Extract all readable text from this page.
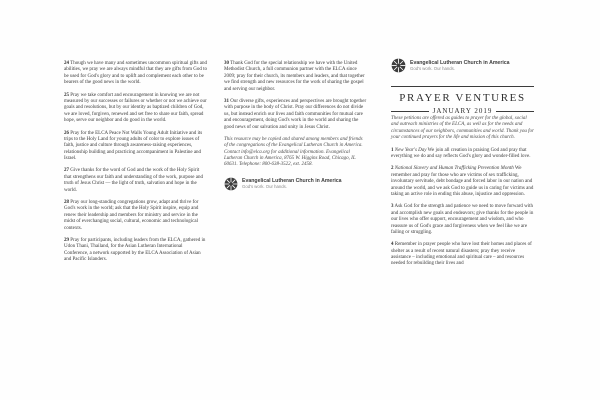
24 Though we have many and sometimes uncommon spiritual gifts and abilities, we pray we are always mindful that they are gifts from God to be used for God's glory and to uplift and complement each other to be bearers of the good news in the world.

25 Pray we take comfort and encouragement in knowing we are not measured by our successes or failures or whether or not we achieve our goals and resolutions, but by our identity as baptized children of God, we are loved, forgiven, renewed and set free to share our faith, spread hope, serve our neighbor and do good in the world.

26 Pray for the ELCA Peace Not Walls Young Adult Initiative and its trips to the Holy Land for young adults of color to explore issues of faith, justice and culture through awareness-raising experiences, relationship building and practicing accompaniment in Palestine and Israel.

27 Give thanks for the word of God and the work of the Holy Spirit that strengthens our faith and understanding of the work, purpose and truth of Jesus Christ — the light of truth, salvation and hope in the world.

28 Pray our long-standing congregations grow, adapt and thrive for God's work in the world; ask that the Holy Spirit inspire, equip and renew their leadership and members for ministry and service in the midst of everchanging social, cultural, economic and technological contexts.

29 Pray for participants, including leaders from the ELCA, gathered in Udon Thani, Thailand, for the Asian Lutheran International Conference, a network supported by the ELCA Association of Asian and Pacific Islanders.

30 Thank God for the special relationship we have with the United Methodist Church, a full communion partner with the ELCA since 2009; pray for their church, its members and leaders, and that together we find strength and new resources for the work of sharing the gospel and serving our neighbor.

31 Our diverse gifts, experiences and perspectives are brought together with purpose in the body of Christ. Pray our differences do not divide us, but instead enrich our lives and faith communities for mutual care and encouragement, doing God's work in the world and sharing the good news of our salvation and unity in Jesus Christ.

This resource may be copied and shared among members and friends of the congregations of the Evangelical Lutheran Church in America. Contact info@elca.org for additional information. Evangelical Lutheran Church in America, 8765 W. Higgins Road, Chicago, IL 60631. Telephone: 800-638-3522, ext. 2458.

Evangelical Lutheran Church in America
God's work. Our hands.
Evangelical Lutheran Church in America
God's work. Our hands.
PRAYER VENTURES
JANUARY 2019

These petitions are offered as guides to prayer for the global, social and outreach ministries of the ELCA, as well as for the needs and circumstances of our neighbors, communities and world. Thank you for your continued prayers for the life and mission of this church.

1 New Year's Day We join all creation in praising God and pray that everything we do and say reflects God's glory and wonder-filled love.

2 National Slavery and Human Trafficking Prevention Month We remember and pray for those who are victims of sex trafficking, involuntary servitude, debt bondage and forced labor in our nation and around the world, and we ask God to guide us in caring for victims and taking an active role in ending this abuse, injustice and oppression.

3 Ask God for the strength and patience we need to move forward with and accomplish new goals and endeavors; give thanks for the people in our lives who offer support, encouragement and wisdom, and who reassure us of God's grace and forgiveness when we feel like we are failing or struggling.

4 Remember in prayer people who have lost their homes and places of shelter as a result of recent natural disasters; pray they receive assistance – including emotional and spiritual care – and resources needed for rebuilding their lives and
